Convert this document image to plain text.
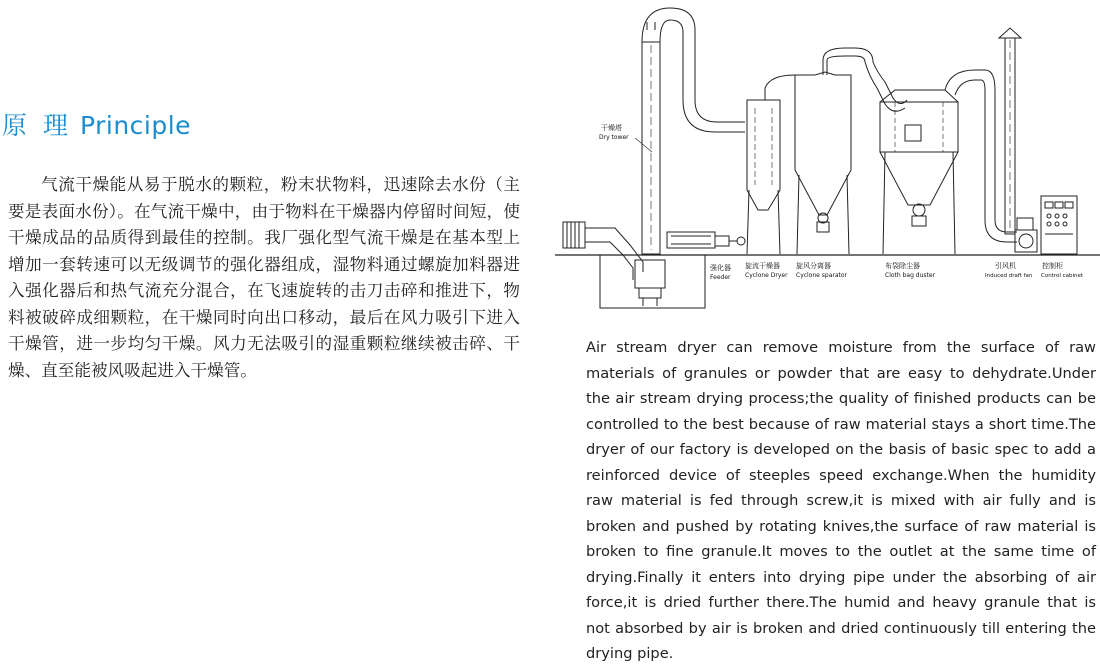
原 理 Principle
气流干燥能从易于脱水的颗粒，粉末状物料，迅速除去水份（主要是表面水份）。在气流干燥中，由于物料在干燥器内停留时间短，使干燥成品的品质得到最佳的控制。我厂强化型气流干燥是在基本型上增加一套转速可以无级调节的强化器组成，湿物料通过螺旋加料器进入强化器后和热气流充分混合，在飞速旋转的击刀击碎和推进下，物料被破碎成细颗粒，在干燥同时向出口移动，最后在风力吸引下进入干燥管，进一步均匀干燥。风力无法吸引的湿重颗粒继续被击碎、干燥、直至能被风吸起进入干燥管。
Air stream dryer can remove moisture from the surface of raw materials of granules or powder that are easy to dehydrate.Under the air stream drying process;the quality of finished products can be controlled to the best because of raw material stays a short time.The dryer of our factory is developed on the basis of basic spec to add a reinforced device of steeples speed exchange.When the humidity raw material is fed through screw,it is mixed with air fully and is broken and pushed by rotating knives,the surface of raw material is broken to fine granule.It moves to the outlet at the same time of drying.Finally it enters into drying pipe under the absorbing of air force,it is dried further there.The humid and heavy granule that is not absorbed by air is broken and dried continuously till entering the drying pipe.
干燥塔
Dry tower
强化器
Feeder
旋流干燥器
Cyclone Dryer
旋风分离器
Cyclone sparator
布袋除尘器
Cloth bag duster
引风机
Induced draft fan
控制柜
Control cabinet
